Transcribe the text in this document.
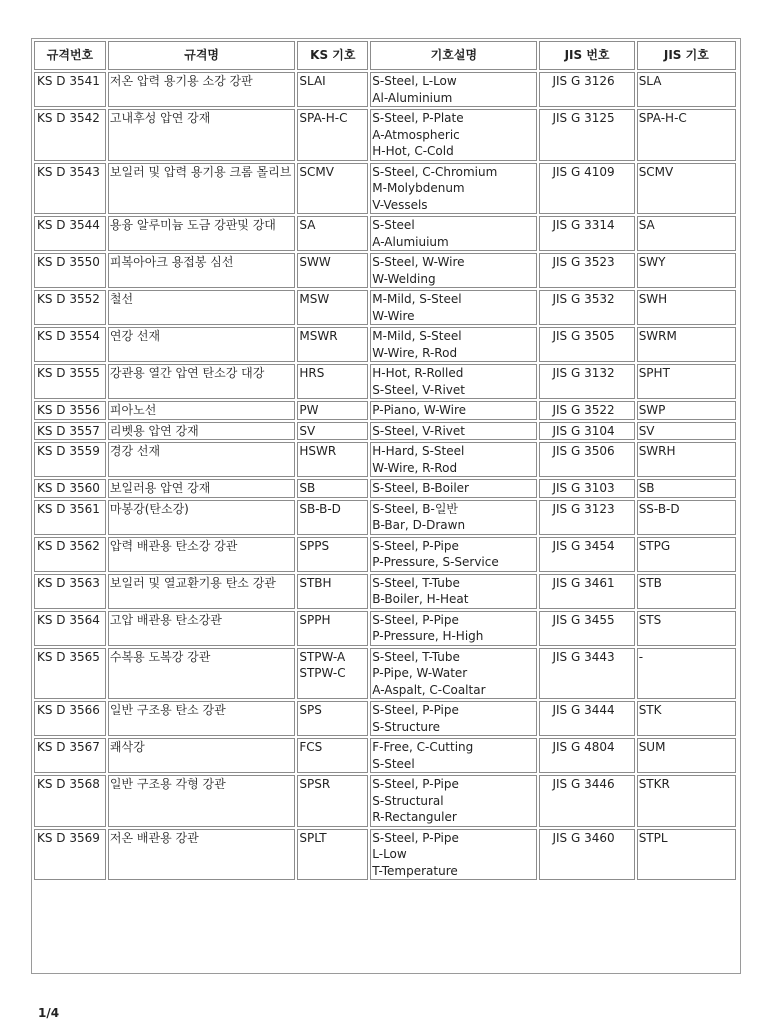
규격번호	규격명	KS 기호	기호설명	JIS 번호	JIS 기호

KS D 3541	저온 압력 용기용 소강 강판	SLAI	S-Steel, L-Low
Al-Aluminium	JIS G 3126	SLA

KS D 3542	고내후성 압연 강재	SPA-H-C	S-Steel, P-Plate
A-Atmospheric
H-Hot, C-Cold	JIS G 3125	SPA-H-C

KS D 3543	보일러 및 압력 용기용 크롬 몰리브	SCMV	S-Steel, C-Chromium
M-Molybdenum
V-Vessels	JIS G 4109	SCMV

KS D 3544	용융 알루미늄 도금 강판및 강대	SA	S-Steel
A-Alumiuium	JIS G 3314	SA

KS D 3550	피복아아크 용접봉 심선	SWW	S-Steel, W-Wire
W-Welding	JIS G 3523	SWY

KS D 3552	철선	MSW	M-Mild, S-Steel
W-Wire	JIS G 3532	SWH

KS D 3554	연강 선재	MSWR	M-Mild, S-Steel
W-Wire, R-Rod	JIS G 3505	SWRM

KS D 3555	강관용 열간 압연 탄소강 대강	HRS	H-Hot, R-Rolled
S-Steel, V-Rivet	JIS G 3132	SPHT

KS D 3556	피아노선	PW	P-Piano, W-Wire	JIS G 3522	SWP

KS D 3557	리벳용 압연 강재	SV	S-Steel, V-Rivet	JIS G 3104	SV

KS D 3559	경강 선재	HSWR	H-Hard, S-Steel
W-Wire, R-Rod	JIS G 3506	SWRH

KS D 3560	보일러용 압연 강재	SB	S-Steel, B-Boiler	JIS G 3103	SB

KS D 3561	마봉강(탄소강)	SB-B-D	S-Steel, B-일반
B-Bar, D-Drawn	JIS G 3123	SS-B-D

KS D 3562	압력 배관용 탄소강 강관	SPPS	S-Steel, P-Pipe
P-Pressure, S-Service	JIS G 3454	STPG

KS D 3563	보일러 및 열교환기용 탄소 강관	STBH	S-Steel, T-Tube
B-Boiler, H-Heat	JIS G 3461	STB

KS D 3564	고압 배관용 탄소강관	SPPH	S-Steel, P-Pipe
P-Pressure, H-High	JIS G 3455	STS

KS D 3565	수복용 도복강 강관	STPW-A
STPW-C	S-Steel, T-Tube
P-Pipe, W-Water
A-Aspalt, C-Coaltar	JIS G 3443	-

KS D 3566	일반 구조용 탄소 강관	SPS	S-Steel, P-Pipe
S-Structure	JIS G 3444	STK

KS D 3567	쾌삭강	FCS	F-Free, C-Cutting
S-Steel	JIS G 4804	SUM

KS D 3568	일반 구조용 각형 강관	SPSR	S-Steel, P-Pipe
S-Structural
R-Rectanguler	JIS G 3446	STKR

KS D 3569	저온 배관용 강관	SPLT	S-Steel, P-Pipe
L-Low
T-Temperature	JIS G 3460	STPL
1/4
